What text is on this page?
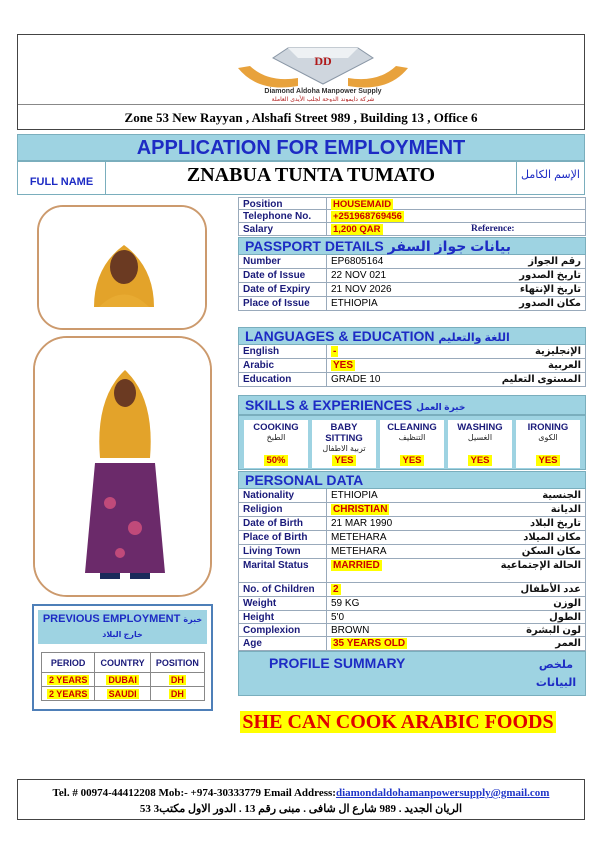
DD
Diamond Aldoha Manpower Supply
شركة دايموند الدوحة لجلب الأيدي العاملة
Zone 53 New Rayyan , Alshafi Street 989 , Building 13 , Office 6
APPLICATION FOR EMPLOYMENT
FULL NAME	ZNABUA TUNTA TUMATO	الإسم الكامل
Position	HOUSEMAID
Telephone No. +251968769456
Salary	1,200 QAR	Reference:
PASSPORT DETAILS بيانات جواز السفر
LANGUAGES & EDUCATION اللغة والتعليم
SKILLS & EXPERIENCES خبرة العمل
COOKING
الطبخ
50%
BABY SITTING
تربية الاطفال
YES
CLEANING
التنظيف
YES
WASHING
الغسيل
YES
IRONING
الكوى
YES
PERSONAL DATA
PROFILE SUMMARY	ملخص البيانات
PREVIOUS EMPLOYMENT خبرة خارج البلاد
PERIOD	COUNTRY	POSITION
2 YEARS	DUBAI	DH
2 YEARS	SAUDI	DH
SHE CAN COOK ARABIC FOODS
Tel. # 00974-44412208 Mob:- +974-30333779 Email Address:diamondaldohamanpowersupply@gmail.com
53 الريان الجديد . 989 شارع ال شافى . مبنى رقم 13 . الدور الاول مكتب3
Number	EP6805164	رقم الجواز
Date of Issue	22 NOV 021	تاريخ الصدور
Date of Expiry 21 NOV 2026	تاريخ الإنتهاء
Place of Issue ETHIOPIA	مكان الصدور
English	-	الإنجليزية
Arabic	YES	العربية
Education	GRADE 10	المستوى التعليم
Nationality	ETHIOPIA	الجنسية
Religion	CHRISTIAN	الديانة
Date of Birth	21 MAR 1990	تاريخ البلاد
Place of Birth METEHARA	مكان الميلاد
Living Town	METEHARA	مكان السكن
Marital Status MARRIED	الحالة الإجتماعية
No. of Children 2	عدد الأطفال
Weight	59 KG	الوزن
Height	5'0	الطول
Complexion	BROWN	لون البشرة
Age	35 YEARS OLD	العمر
